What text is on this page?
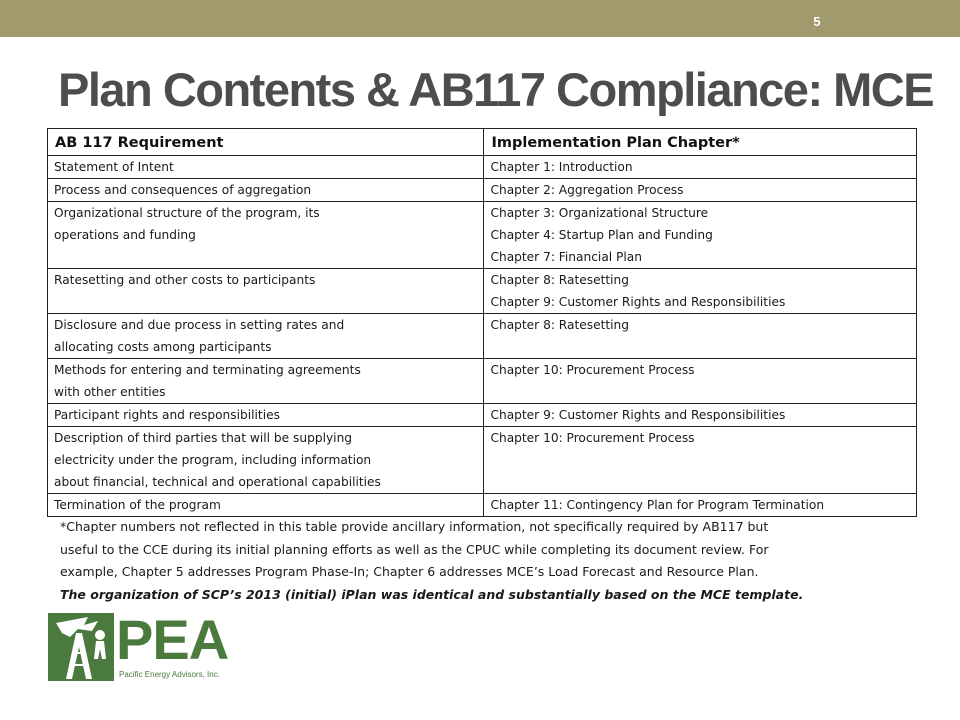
5
Plan Contents & AB117 Compliance: MCE
AB 117 Requirement	Implementation Plan Chapter*

Statement of Intent	Chapter 1: Introduction

Process and consequences of aggregation	Chapter 2: Aggregation Process

Organizational structure of the program, its
operations and funding	Chapter 3: Organizational Structure
Chapter 4: Startup Plan and Funding
Chapter 7: Financial Plan

Ratesetting and other costs to participants	Chapter 8: Ratesetting
Chapter 9: Customer Rights and Responsibilities

Disclosure and due process in setting rates and
allocating costs among participants	Chapter 8: Ratesetting

Methods for entering and terminating agreements
with other entities	Chapter 10: Procurement Process

Participant rights and responsibilities	Chapter 9: Customer Rights and Responsibilities

Description of third parties that will be supplying
electricity under the program, including information
about financial, technical and operational capabilities	Chapter 10: Procurement Process

Termination of the program	Chapter 11: Contingency Plan for Program Termination
*Chapter numbers not reflected in this table provide ancillary information, not specifically required by AB117 but
useful to the CCE during its initial planning efforts as well as the CPUC while completing its document review. For
example, Chapter 5 addresses Program Phase-In; Chapter 6 addresses MCE’s Load Forecast and Resource Plan.
The organization of SCP’s 2013 (initial) iPlan was identical and substantially based on the MCE template.
PEA
Pacific Energy Advisors, Inc.
